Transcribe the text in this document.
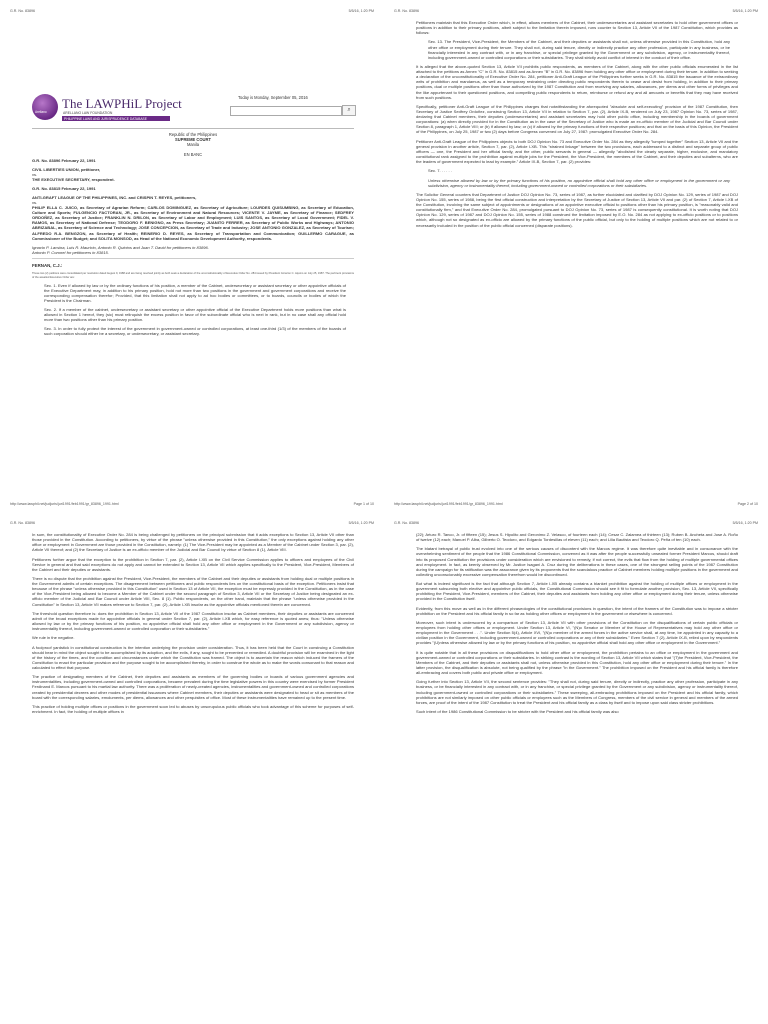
G.R. No. 83896	5/5/16, 1:20 PM
Arellano
The LAWPHiL Project
ARELLANO LAW FOUNDATION
PHILIPPINE LAWS AND JURISPRUDENCE DATABASE
Today is Monday, September 05, 2016
⌕
Republic of the Philippines
SUPREME COURT
Manila
EN BANC

G.R. No. 83896 February 22, 1991

CIVIL LIBERTIES UNION, petitioner,

vs.

THE EXECUTIVE SECRETARY, respondent.

G.R. No. 83815 February 22, 1991

ANTI-GRAFT LEAGUE OF THE PHILIPPINES, INC. and CRISPIN T. REYES, petitioners,

vs.

PHILIP ELLA C. JUICO, as Secretary of Agrarian Reform; CARLOS DOMINGUEZ, as Secretary of Agriculture; LOURDES QUISUMBING, as Secretary of Education, Culture and Sports; FULGENCIO FACTORAN, JR., as Secretary of Environment and Natural Resources; VICENTE V. JAYME, as Secretary of Finance; SEDFREY ORDOÑEZ, as Secretary of Justice; FRANKLIN N. DRILON, as Secretary of Labor and Employment; LUIS SANTOS, as Secretary of Local Government; FIDEL V. RAMOS, as Secretary of National Defense; TEODORO F. BENIGNO, as Press Secretary; JUANITO FERRER, as Secretary of Public Works and Highways; ANTONIO ABRIZABAL, as Secretary of Science and Technology; JOSE CONCEPCION, as Secretary of Trade and Industry; JOSE ANTONIO GONZALEZ, as Secretary of Tourism; ALFREDO R.A. BENGZON, as Secretary of Health; REINERIO D. REYES, as Secretary of Transportation and Communication; GUILLERMO CARAGUE, as Commissioner of the Budget; and SOLITA MONSOD, as Head of the National Economic Development Authority, respondents.

Ignacio P. Lacsina, Luis R. Mauricio, Antonio R. Quintos and Juan T. David for petitioners in 83896.

Antonio P. Coronel for petitioners in 83815.

FERNAN, C.J.:

These two (2) petitions were consolidated per resolution dated August 9, 1988 and are being resolved jointly as both seek a declaration of the unconstitutionality of Executive Order No. 284 issued by President Corazon C. Aquino on July 25, 1987. The pertinent provisions of the assailed Executive Order are:

Sec. 1. Even if allowed by law or by the ordinary functions of his position, a member of the Cabinet, undersecretary or assistant secretary or other appointive officials of the Executive Department may, in addition to his primary position, hold not more than two positions in the government and government corporations and receive the corresponding compensation therefor; Provided, that this limitation shall not apply to ad hoc bodies or committees, or to boards, councils or bodies of which the President is the Chairman.

Sec. 2. If a member of the cabinet, undersecretary or assistant secretary or other appointive official of the Executive Department holds more positions than what is allowed in Section 1 hereof, they (sic) must relinquish the excess position in favor of the subordinate official who is next in rank, but in no case shall any official hold more than two positions other than his primary position.

Sec. 3. In order to fully protect the interest of the government in government-owned or controlled corporations, at least one-third (1/3) of the members of the boards of such corporation should either be a secretary, or undersecretary, or assistant secretary.

http://www.lawphil.net/judjuris/juri1991/feb1991/gr_83896_1991.html	Page 1 of 10
G.R. No. 83896	5/5/16, 1:20 PM

Petitioners maintain that this Executive Order which, in effect, allows members of the Cabinet, their undersecretaries and assistant secretaries to hold other government offices or positions in addition to their primary positions, albeit subject to the limitation therein imposed, runs counter to Section 13, Article VII of the 1987 Constitution, which provides as follows:

Sec. 13. The President, Vice-President, the Members of the Cabinet, and their deputies or assistants shall not, unless otherwise provided in this Constitution, hold any other office or employment during their tenure. They shall not, during said tenure, directly or indirectly practice any other profession, participate in any business, or be financially interested in any contract with, or in any franchise, or special privilege granted by the Government or any subdivision, agency, or instrumentality thereof, including government-owned or controlled corporations or their subsidiaries. They shall strictly avoid conflict of interest in the conduct of their office.

It is alleged that the above-quoted Section 13, Article VII prohibits public respondents, as members of the Cabinet, along with the other public officials enumerated in the list attached to the petitions as Annex "C" in G.R. No. 83815 and as Annex "B" in G.R. No. 83896 from holding any other office or employment during their tenure. In addition to seeking a declaration of the unconstitutionality of Executive Order No. 284, petitioner Anti-Graft League of the Philippines further seeks in G.R. No. 83815 the issuance of the extraordinary writs of prohibition and mandamus, as well as a temporary restraining order directing public respondents therein to cease and desist from holding, in addition to their primary positions, dual or multiple positions other than those authorized by the 1987 Constitution and from receiving any salaries, allowances, per diems and other forms of privileges and the like appurtenant to their questioned positions, and compelling public respondents to return, reimburse or refund any and all amounts or benefits that they may have received from such positions.

Specifically, petitioner Anti-Graft League of the Philippines charges that notwithstanding the aforequoted "absolute and self-executing" provision of the 1987 Constitution, then Secretary of Justice Sedfrey Ordoñez, construing Section 13, Article VII in relation to Section 7, par. (2), Article IX-B, rendered on July 23, 1987 Opinion No. 73, series of 1987, declaring that Cabinet members, their deputies (undersecretaries) and assistant secretaries may hold other public office, including membership in the boards of government corporations: (a) when directly provided for in the Constitution as in the case of the Secretary of Justice who is made an ex-officio member of the Judicial and Bar Council under Section 8, paragraph 1, Article VIII; or (b) if allowed by law; or (c) if allowed by the primary functions of their respective positions; and that on the basis of this Opinion, the President of the Philippines, on July 25, 1987 or two (2) days before Congress convened on July 27, 1987: promulgated Executive Order No. 284.

Petitioner Anti-Graft League of the Philippines objects to both DOJ Opinion No. 73 and Executive Order No. 284 as they allegedly "lumped together" Section 13, Article VII and the general provision in another article, Section 7, par. (2), Article I-XB. This "strained linkage" between the two provisions, each addressed to a distinct and separate group of public officers — one, the President and her official family, and the other, public servants in general — allegedly "abolished the clearly separate, higher, exclusive, and mandatory constitutional rank assigned to the prohibition against multiple jobs for the President, the Vice-President, the members of the Cabinet, and their deputies and subalterns, who are the leaders of government expected to lead by example." Article IX-B, Section 7, par. (2) provides:

Sec. 7. . . . . .

Unless otherwise allowed by law or by the primary functions of his position, no appointive official shall hold any other office or employment in the government or any subdivision, agency or instrumentality thereof, including government-owned or controlled corporations or their subsidiaries.

The Solicitor General counters that Department of Justice DOJ Opinion No. 73, series of 1987, as further elucidated and clarified by DOJ Opinion No. 129, series of 1987 and DOJ Opinion No. 155, series of 1988, being the first official construction and interpretation by the Secretary of Justice of Section 13, Article VII and par. (2) of Section 7, Article I-XB of the Constitution, involving the same subject of appointments or designations of an appointive executive official to positions other than his primary position, is "reasonably valid and constitutionally firm," and that Executive Order No. 284, promulgated pursuant to DOJ Opinion No. 73, series of 1987 is consequently constitutional. It is worth noting that DOJ Opinion No. 129, series of 1987 and DOJ Opinion No. 155, series of 1988 construed the limitation imposed by E.O. No. 284 as not applying to ex-officio positions or to positions which, although not so designated as ex-officio are allowed by the primary functions of the public official, but only to the holding of multiple positions which are not related to or necessarily included in the position of the public official concerned (disparate positions).

http://www.lawphil.net/judjuris/juri1991/feb1991/gr_83896_1991.html	Page 2 of 10
G.R. No. 83896	5/5/16, 1:20 PM

In sum, the constitutionality of Executive Order No. 284 is being challenged by petitioners on the principal submission that it adds exceptions to Section 13, Article VII other than those provided in the Constitution. According to petitioners, by virtue of the phrase "unless otherwise provided in this Constitution," the only exceptions against holding any other office or employment in Government are those provided in the Constitution, namely: (1) The Vice-President may be appointed as a Member of the Cabinet under Section 3, par. (2), Article VII thereof; and (2) the Secretary of Justice is an ex-officio member of the Judicial and Bar Council by virtue of Section 8 (1), Article VIII.

Petitioners further argue that the exception to the prohibition in Section 7, par. (2), Article I-XB on the Civil Service Commission applies to officers and employees of the Civil Service in general and that said exceptions do not apply and cannot be extended to Section 13, Article VII which applies specifically to the President, Vice-President, Members of the Cabinet and their deputies or assistants.

There is no dispute that the prohibition against the President, Vice-President, the members of the Cabinet and their deputies or assistants from holding dual or multiple positions in the Government admits of certain exceptions. The disagreement between petitioners and public respondents lies on the constitutional basis of the exception. Petitioners insist that because of the phrase "unless otherwise provided in this Constitution" used in Section 13 of Article VII, the exception must be expressly provided in the Constitution, as in the case of the Vice-President being allowed to become a Member of the Cabinet under the second paragraph of Section 3, Article VII or the Secretary of Justice being designated an ex-officio member of the Judicial and Bar Council under Article VIII, Sec. 8 (1). Public respondents, on the other hand, maintain that the phrase "unless otherwise provided in the Constitution" in Section 13, Article VII makes reference to Section 7, par. (2), Article I-XB insofar as the appointive officials mentioned therein are concerned.

The threshold question therefore is: does the prohibition in Section 13, Article VII of the 1987 Constitution insofar as Cabinet members, their deputies or assistants are concerned admit of the broad exceptions made for appointive officials in general under Section 7, par. (2), Article I-XB which, for easy reference is quoted anew, thus: "Unless otherwise allowed by law or by the primary functions of his position, no appointive official shall hold any other office or employment in the Government or any subdivision, agency or instrumentality thereof, including government-owned or controlled corporation or their subsidiaries."

We rule in the negative.

A foolproof yardstick in constitutional construction is the intention underlying the provision under consideration. Thus, it has been held that the Court in construing a Constitution should bear in mind the object sought to be accomplished by its adoption, and the evils, if any, sought to be prevented or remedied. A doubtful provision will be examined in the light of the history of the times, and the condition and circumstances under which the Constitution was framed. The object is to ascertain the reason which induced the framers of the Constitution to enact the particular provision and the purpose sought to be accomplished thereby, in order to construe the whole as to make the words consonant to that reason and calculated to effect that purpose.

The practice of designating members of the Cabinet, their deputies and assistants as members of the governing bodies or boards of various government agencies and instrumentalities, including government-owned and controlled corporations, became prevalent during the time legislative powers in this country were exercised by former President Ferdinand E. Marcos pursuant to his martial law authority. There was a proliferation of newly-created agencies, instrumentalities and government-owned and controlled corporations created by presidential decrees and other modes of presidential issuances where Cabinet members, their deputies or assistants were designated to head or sit as members of the board with the corresponding salaries, emoluments, per diems, allowances and other perquisites of office. Most of these instrumentalities have remained up to the present time.

This practice of holding multiple offices or positions in the government soon led to abuses by unscrupulous public officials who took advantage of this scheme for purposes of self-enrichment. In fact, the holding of multiple offices in

G.R. No. 83896	5/5/16, 1:20 PM

(22); Arturo R. Tanco, Jr. of fifteen (15); Jesus S. Hipolito and Geronimo Z. Velasco, of fourteen each (14); Cesar C. Zalamea of thirteen (13); Ruben B. Ancheta and Jose A. Roño of twelve (12) each; Manuel P. Alba, Gilberto O. Teodoro, and Edgardo Tordesillas of eleven (11) each; and Lilia Bautista and Teodoro Q. Peña of ten (10) each.

The blatant betrayal of public trust evolved into one of the serious causes of discontent with the Marcos regime. It was therefore quite inevitable and in consonance with the overwhelming sentiment of the people that the 1986 Constitutional Commission, convened as it was after the people successfully unseated former President Marcos, should draft into its proposed Constitution the provisions under consideration which are envisioned to remedy, if not correct, the evils that flow from the holding of multiple governmental offices and employment. In fact, as keenly observed by Mr. Justice Isagani A. Cruz during the deliberations in these cases, one of the strongest selling points of the 1987 Constitution during the campaign for its ratification was the assurance given by its proponents that the scandalous practice of Cabinet members holding multiple positions in the government and collecting unconscionably excessive compensation therefrom would be discontinued.

But what is indeed significant is the fact that although Section 7, Article I-XB already contains a blanket prohibition against the holding of multiple offices or employment in the government subsuming both elective and appointive public officials, the Constitutional Commission should see it fit to formulate another provision, Sec. 13, Article VII, specifically prohibiting the President, Vice-President, members of the Cabinet, their deputies and assistants from holding any other office or employment during their tenure, unless otherwise provided in the Constitution itself.

Evidently, from this move as well as in the different phraseologies of the constitutional provisions in question, the intent of the framers of the Constitution was to impose a stricter prohibition on the President and his official family in so far as holding other offices or employment in the government or elsewhere is concerned.

Moreover, such intent is underscored by a comparison of Section 13, Article VII with other provisions of the Constitution on the disqualifications of certain public officials or employees from holding other offices or employment. Under Section 13, Article VI, "(N)o Senator or Member of the House of Representatives may hold any other office or employment in the Government . . .". Under Section 5(4), Article XVI, "(N)o member of the armed forces in the active service shall, at any time, be appointed in any capacity to a civilian position in the Government, including government-owned or controlled corporations or any of their subsidiaries." Even Section 7 (2), Article IX-B, relied upon by respondents provides "(U)nless otherwise allowed by law or by the primary functions of his position, no appointive official shall hold any other office or employment in the Government."

It is quite notable that in all these provisions on disqualifications to hold other office or employment, the prohibition pertains to an office or employment in the government and government-owned or controlled corporations or their subsidiaries. In striking contrast is the wording of Section 13, Article VII which states that "(T)he President, Vice-President, the Members of the Cabinet, and their deputies or assistants shall not, unless otherwise provided in this Constitution, hold any other office or employment during their tenure." In the latter provision, the disqualification is absolute, not being qualified by the phrase "in the Government." The prohibition imposed on the President and his official family is therefore all-embracing and covers both public and private office or employment.

Going further into Section 13, Article VII, the second sentence provides: "They shall not, during said tenure, directly or indirectly, practice any other profession, participate in any business, or be financially interested in any contract with, or in any franchise, or special privilege granted by the Government or any subdivision, agency or instrumentality thereof, including government-owned or controlled corporations or their subsidiaries." These sweeping, all-embracing prohibitions imposed on the President and his official family, which prohibitions are not similarly imposed on other public officials or employees such as the Members of Congress, members of the civil service in general and members of the armed forces, are proof of the intent of the 1987 Constitution to treat the President and his official family as a class by itself and to impose upon said class stricter prohibitions.

Such intent of the 1986 Constitutional Commission to be stricter with the President and his official family was also
